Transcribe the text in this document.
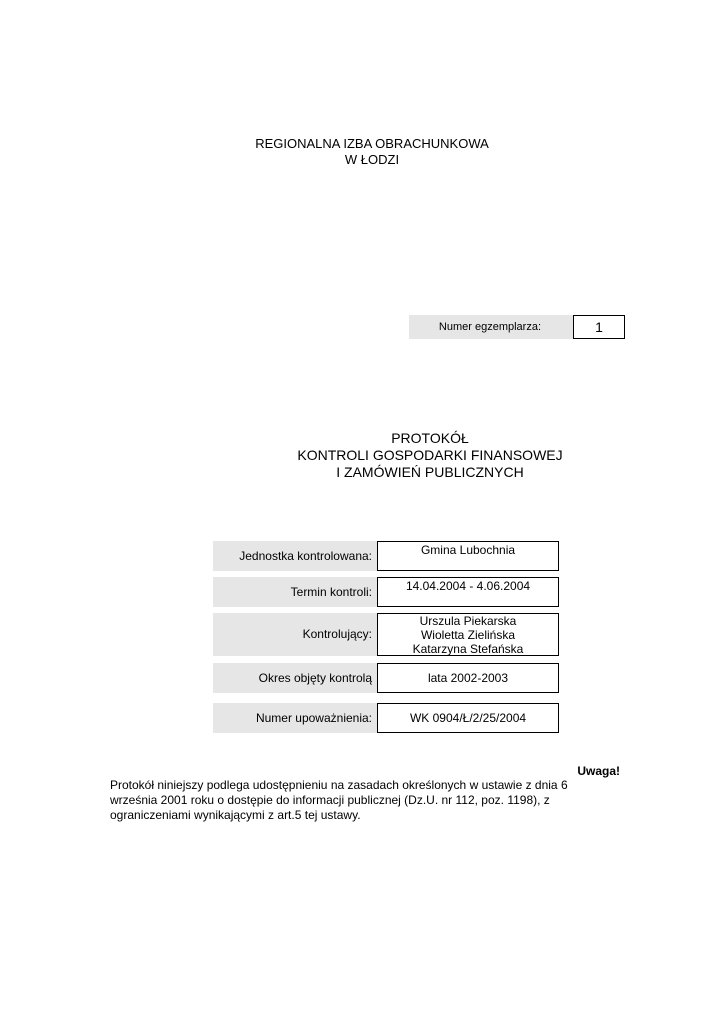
REGIONALNA IZBA OBRACHUNKOWA
W ŁODZI
Numer egzemplarza:	1
PROTOKÓŁ
KONTROLI GOSPODARKI FINANSOWEJ
I ZAMÓWIEŃ PUBLICZNYCH
Jednostka kontrolowana:	Gmina Lubochnia
Termin kontroli:	14.04.2004 - 4.06.2004
Kontrolujący:
Urszula Piekarska
Wioletta Zielińska
Katarzyna Stefańska
Okres objęty kontrolą	lata 2002-2003
Numer upoważnienia:	WK 0904/Ł/2/25/2004
Uwaga!
Protokół niniejszy podlega udostępnieniu na zasadach określonych w ustawie z dnia 6
września 2001 roku o dostępie do informacji publicznej (Dz.U. nr 112, poz. 1198), z
ograniczeniami wynikającymi z art.5 tej ustawy.
